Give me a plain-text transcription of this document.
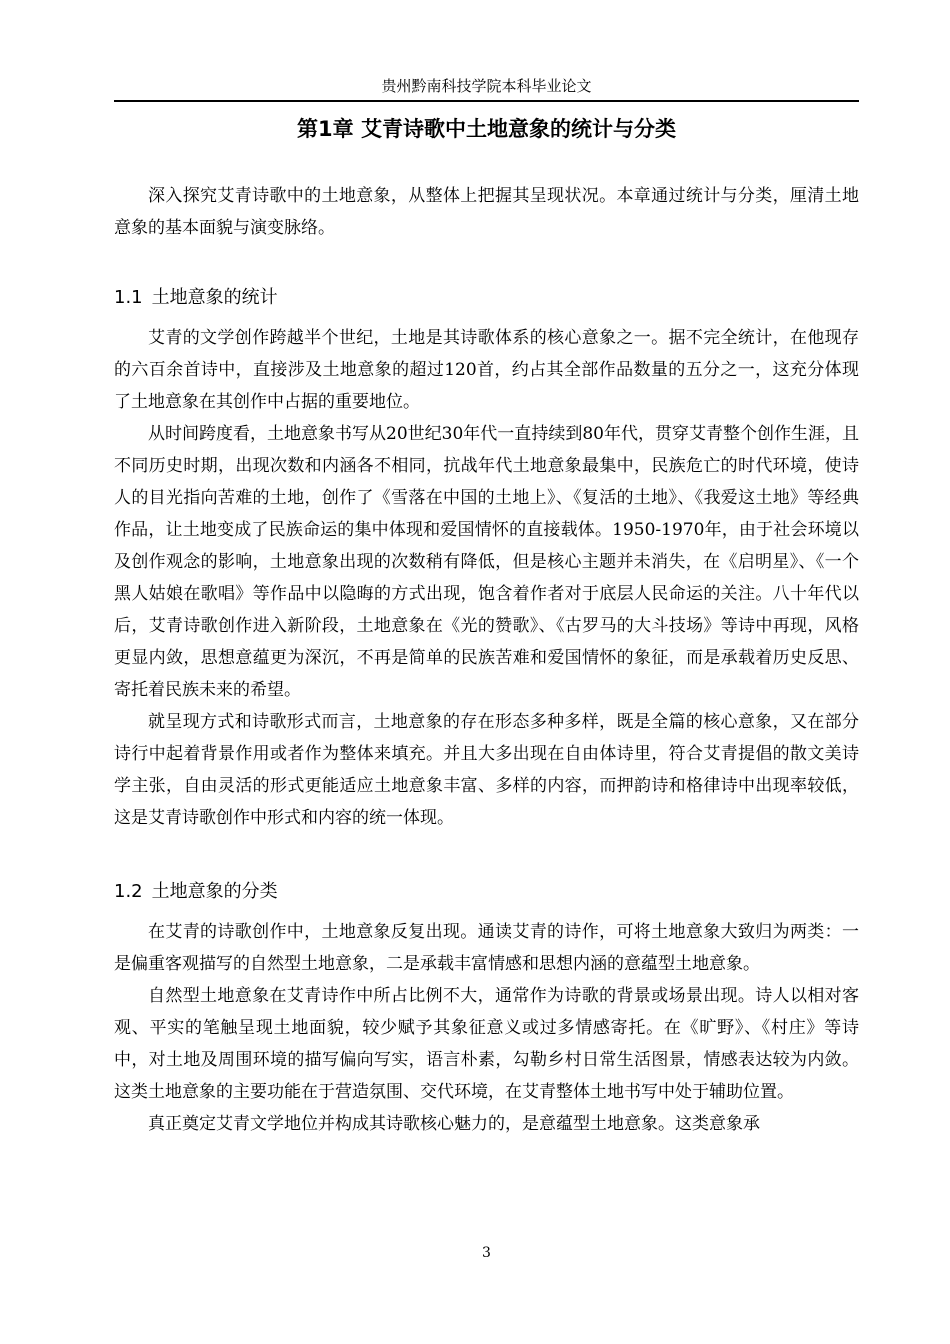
贵州黔南科技学院本科毕业论文
第1章 艾青诗歌中土地意象的统计与分类

深入探究艾青诗歌中的土地意象，从整体上把握其呈现状况。本章通过统计与分类，厘清土地意象的基本面貌与演变脉络。

1.1 土地意象的统计

艾青的文学创作跨越半个世纪，土地是其诗歌体系的核心意象之一。据不完全统计，在他现存的六百余首诗中，直接涉及土地意象的超过120首，约占其全部作品数量的五分之一，这充分体现了土地意象在其创作中占据的重要地位。

从时间跨度看，土地意象书写从20世纪30年代一直持续到80年代，贯穿艾青整个创作生涯，且不同历史时期，出现次数和内涵各不相同，抗战年代土地意象最集中，民族危亡的时代环境，使诗人的目光指向苦难的土地，创作了《雪落在中国的土地上》、《复活的土地》、《我爱这土地》等经典作品，让土地变成了民族命运的集中体现和爱国情怀的直接载体。1950-1970年，由于社会环境以及创作观念的影响，土地意象出现的次数稍有降低，但是核心主题并未消失，在《启明星》、《一个黑人姑娘在歌唱》等作品中以隐晦的方式出现，饱含着作者对于底层人民命运的关注。八十年代以后，艾青诗歌创作进入新阶段，土地意象在《光的赞歌》、《古罗马的大斗技场》等诗中再现，风格更显内敛，思想意蕴更为深沉，不再是简单的民族苦难和爱国情怀的象征，而是承载着历史反思、寄托着民族未来的希望。

就呈现方式和诗歌形式而言，土地意象的存在形态多种多样，既是全篇的核心意象，又在部分诗行中起着背景作用或者作为整体来填充。并且大多出现在自由体诗里，符合艾青提倡的散文美诗学主张，自由灵活的形式更能适应土地意象丰富、多样的内容，而押韵诗和格律诗中出现率较低，这是艾青诗歌创作中形式和内容的统一体现。

1.2 土地意象的分类

在艾青的诗歌创作中，土地意象反复出现。通读艾青的诗作，可将土地意象大致归为两类：一是偏重客观描写的自然型土地意象，二是承载丰富情感和思想内涵的意蕴型土地意象。

自然型土地意象在艾青诗作中所占比例不大，通常作为诗歌的背景或场景出现。诗人以相对客观、平实的笔触呈现土地面貌，较少赋予其象征意义或过多情感寄托。在《旷野》、《村庄》等诗中，对土地及周围环境的描写偏向写实，语言朴素，勾勒乡村日常生活图景，情感表达较为内敛。这类土地意象的主要功能在于营造氛围、交代环境，在艾青整体土地书写中处于辅助位置。

真正奠定艾青文学地位并构成其诗歌核心魅力的，是意蕴型土地意象。这类意象承

3
